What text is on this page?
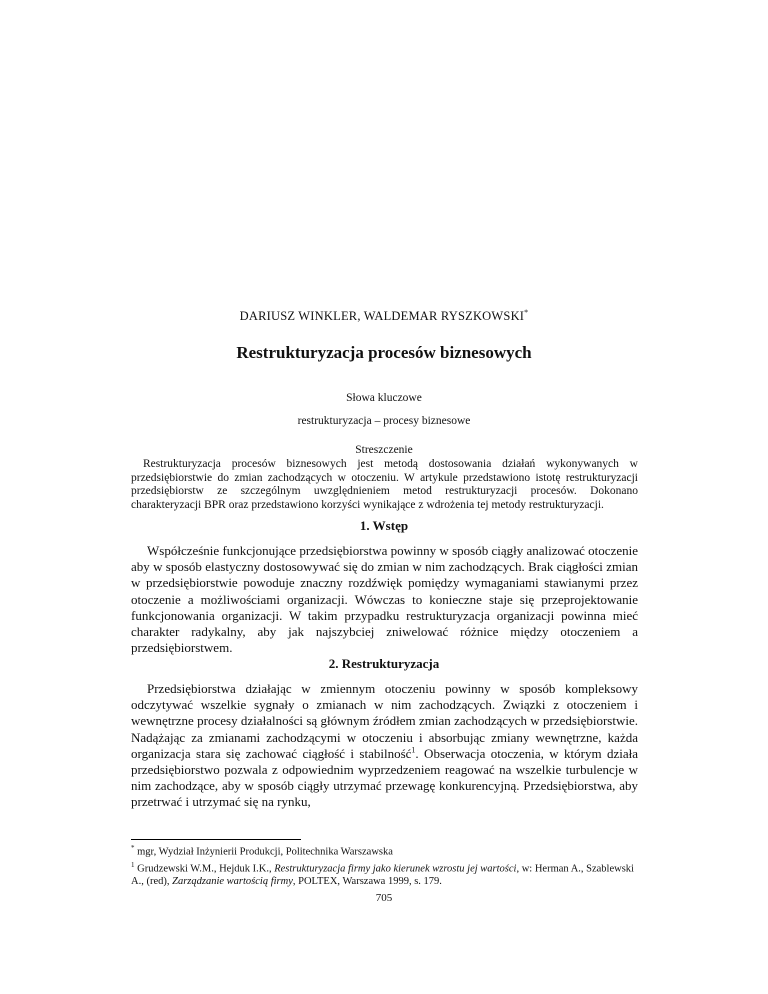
DARIUSZ WINKLER, WALDEMAR RYSZKOWSKI*
Restrukturyzacja procesów biznesowych
Słowa kluczowe
restrukturyzacja – procesy biznesowe
Streszczenie

Restrukturyzacja procesów biznesowych jest metodą dostosowania działań wykonywanych w przedsiębiorstwie do zmian zachodzących w otoczeniu. W artykule przedstawiono istotę restrukturyzacji przedsiębiorstw ze szczególnym uwzględnieniem metod restrukturyzacji procesów. Dokonano charakteryzacji BPR oraz przedstawiono korzyści wynikające z wdrożenia tej metody restrukturyzacji.

1. Wstęp

Współcześnie funkcjonujące przedsiębiorstwa powinny w sposób ciągły analizować otoczenie aby w sposób elastyczny dostosowywać się do zmian w nim zachodzących. Brak ciągłości zmian w przedsiębiorstwie powoduje znaczny rozdźwięk pomiędzy wymaganiami stawianymi przez otoczenie a możliwościami organizacji. Wówczas to konieczne staje się przeprojektowanie funkcjonowania organizacji. W takim przypadku restrukturyzacja organizacji powinna mieć charakter radykalny, aby jak najszybciej zniwelować różnice między otoczeniem a przedsiębiorstwem.

2. Restrukturyzacja

Przedsiębiorstwa działając w zmiennym otoczeniu powinny w sposób kompleksowy odczytywać wszelkie sygnały o zmianach w nim zachodzących. Związki z otoczeniem i wewnętrzne procesy działalności są głównym źródłem zmian zachodzących w przedsiębiorstwie. Nadążając za zmianami zachodzącymi w otoczeniu i absorbując zmiany wewnętrzne, każda organizacja stara się zachować ciągłość i stabilność$^1$. Obserwacja otoczenia, w którym działa przedsiębiorstwo pozwala z odpowiednim wyprzedzeniem reagować na wszelkie turbulencje w nim zachodzące, aby w sposób ciągły utrzymać przewagę konkurencyjną. Przedsiębiorstwa, aby przetrwać i utrzymać się na rynku,

* mgr, Wydział Inżynierii Produkcji, Politechnika Warszawska

$^1$ Grudzewski W.M., Hejduk I.K., Restrukturyzacja firmy jako kierunek wzrostu jej wartości, w: Herman A., Szablewski A., (red), Zarządzanie wartością firmy, POLTEX, Warszawa 1999, s. 179.

705
